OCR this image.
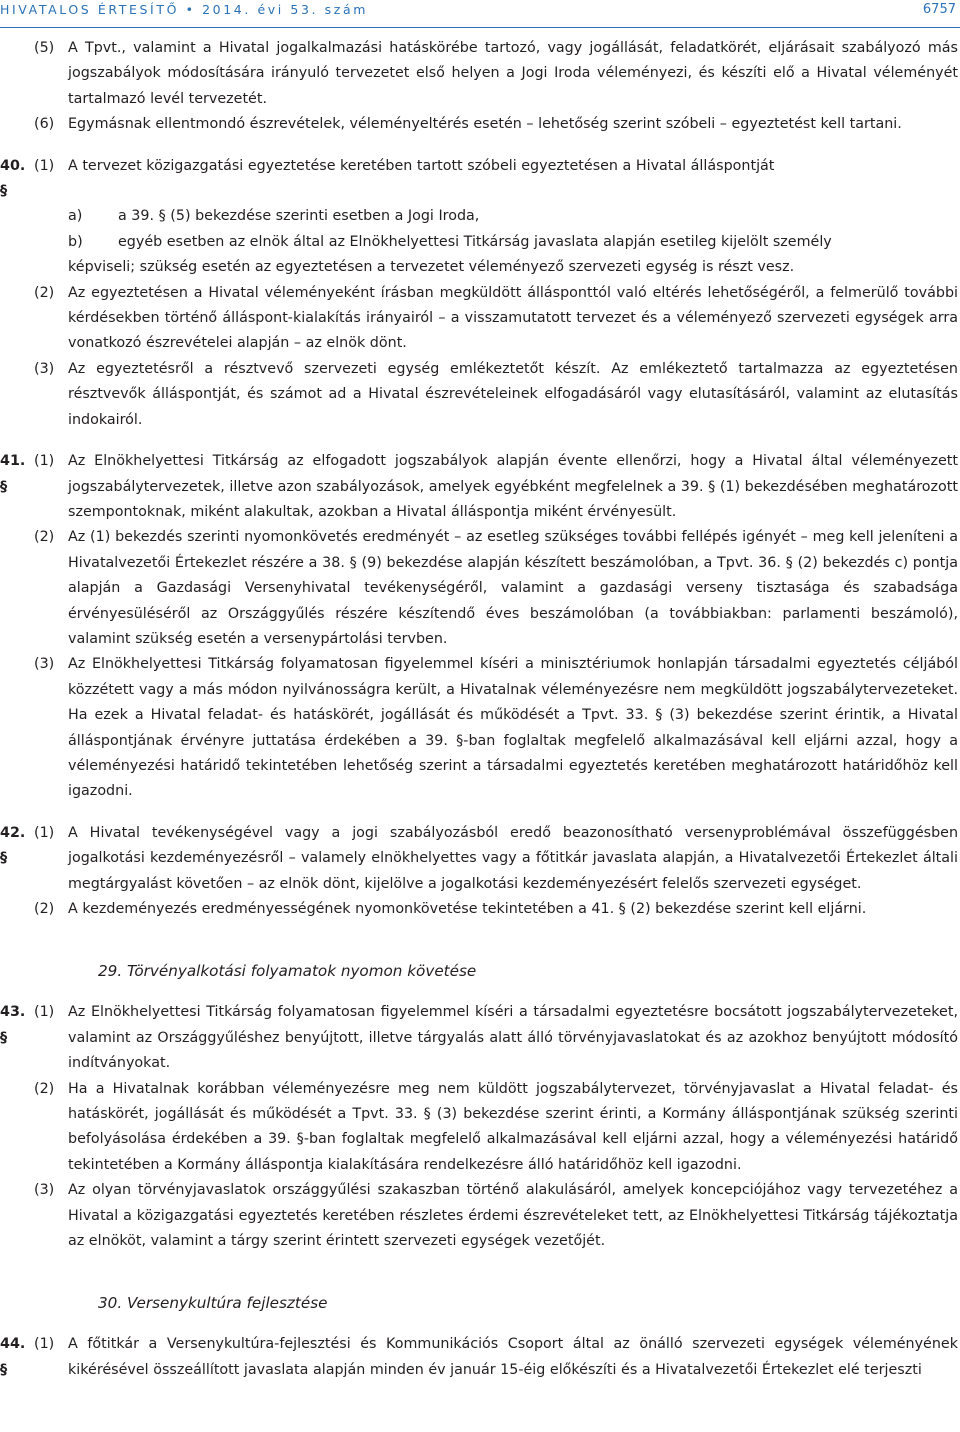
HIVATALOS ÉRTESÍTŐ • 2014. évi 53. szám	6757
(5) A Tpvt., valamint a Hivatal jogalkalmazási hatáskörébe tartozó, vagy jogállását, feladatkörét, eljárásait szabályozó más jogszabályok módosítására irányuló tervezetet első helyen a Jogi Iroda véleményezi, és készíti elő a Hivatal véleményét tartalmazó levél tervezetét.
(6) Egymásnak ellentmondó észrevételek, véleményeltérés esetén – lehetőség szerint szóbeli – egyeztetést kell tartani.
40. §
(1) A tervezet közigazgatási egyeztetése keretében tartott szóbeli egyeztetésen a Hivatal álláspontját
a)	a 39. § (5) bekezdése szerinti esetben a Jogi Iroda,
b)	egyéb esetben az elnök által az Elnökhelyettesi Titkárság javaslata alapján esetileg kijelölt személy
képviseli; szükség esetén az egyeztetésen a tervezetet véleményező szervezeti egység is részt vesz.
(2) Az egyeztetésen a Hivatal véleményeként írásban megküldött állásponttól való eltérés lehetőségéről, a felmerülő további kérdésekben történő álláspont-kialakítás irányairól – a visszamutatott tervezet és a véleményező szervezeti egységek arra vonatkozó észrevételei alapján – az elnök dönt.
(3) Az egyeztetésről a résztvevő szervezeti egység emlékeztetőt készít. Az emlékeztető tartalmazza az egyeztetésen résztvevők álláspontját, és számot ad a Hivatal észrevételeinek elfogadásáról vagy elutasításáról, valamint az elutasítás indokairól.
41. §
(1) Az Elnökhelyettesi Titkárság az elfogadott jogszabályok alapján évente ellenőrzi, hogy a Hivatal által véleményezett jogszabálytervezetek, illetve azon szabályozások, amelyek egyébként megfelelnek a 39. § (1) bekezdésében meghatározott szempontoknak, miként alakultak, azokban a Hivatal álláspontja miként érvényesült.
(2) Az (1) bekezdés szerinti nyomonkövetés eredményét – az esetleg szükséges további fellépés igényét – meg kell jeleníteni a Hivatalvezetői Értekezlet részére a 38. § (9) bekezdése alapján készített beszámolóban, a Tpvt. 36. § (2) bekezdés c) pontja alapján a Gazdasági Versenyhivatal tevékenységéről, valamint a gazdasági verseny tisztasága és szabadsága érvényesüléséről az Országgyűlés részére készítendő éves beszámolóban (a továbbiakban: parlamenti beszámoló), valamint szükség esetén a versenypártolási tervben.
(3) Az Elnökhelyettesi Titkárság folyamatosan figyelemmel kíséri a minisztériumok honlapján társadalmi egyeztetés céljából közzétett vagy a más módon nyilvánosságra került, a Hivatalnak véleményezésre nem megküldött jogszabálytervezeteket. Ha ezek a Hivatal feladat- és hatáskörét, jogállását és működését a Tpvt. 33. § (3) bekezdése szerint érintik, a Hivatal álláspontjának érvényre juttatása érdekében a 39. §-ban foglaltak megfelelő alkalmazásával kell eljárni azzal, hogy a véleményezési határidő tekintetében lehetőség szerint a társadalmi egyeztetés keretében meghatározott határidőhöz kell igazodni.
42. §
(1) A Hivatal tevékenységével vagy a jogi szabályozásból eredő beazonosítható versenyproblémával összefüggésben jogalkotási kezdeményezésről – valamely elnökhelyettes vagy a főtitkár javaslata alapján, a Hivatalvezetői Értekezlet általi megtárgyalást követően – az elnök dönt, kijelölve a jogalkotási kezdeményezésért felelős szervezeti egységet.
(2) A kezdeményezés eredményességének nyomonkövetése tekintetében a 41. § (2) bekezdése szerint kell eljárni.
29. Törvényalkotási folyamatok nyomon követése
43. §
(1) Az Elnökhelyettesi Titkárság folyamatosan figyelemmel kíséri a társadalmi egyeztetésre bocsátott jogszabálytervezeteket, valamint az Országgyűléshez benyújtott, illetve tárgyalás alatt álló törvényjavaslatokat és az azokhoz benyújtott módosító indítványokat.
(2) Ha a Hivatalnak korábban véleményezésre meg nem küldött jogszabálytervezet, törvényjavaslat a Hivatal feladat- és hatáskörét, jogállását és működését a Tpvt. 33. § (3) bekezdése szerint érinti, a Kormány álláspontjának szükség szerinti befolyásolása érdekében a 39. §-ban foglaltak megfelelő alkalmazásával kell eljárni azzal, hogy a véleményezési határidő tekintetében a Kormány álláspontja kialakítására rendelkezésre álló határidőhöz kell igazodni.
(3) Az olyan törvényjavaslatok országgyűlési szakaszban történő alakulásáról, amelyek koncepciójához vagy tervezetéhez a Hivatal a közigazgatási egyeztetés keretében részletes érdemi észrevételeket tett, az Elnökhelyettesi Titkárság tájékoztatja az elnököt, valamint a tárgy szerint érintett szervezeti egységek vezetőjét.
30. Versenykultúra fejlesztése
44. §
(1) A főtitkár a Versenykultúra-fejlesztési és Kommunikációs Csoport által az önálló szervezeti egységek véleményének kikérésével összeállított javaslata alapján minden év január 15-éig előkészíti és a Hivatalvezetői Értekezlet elé terjeszti
